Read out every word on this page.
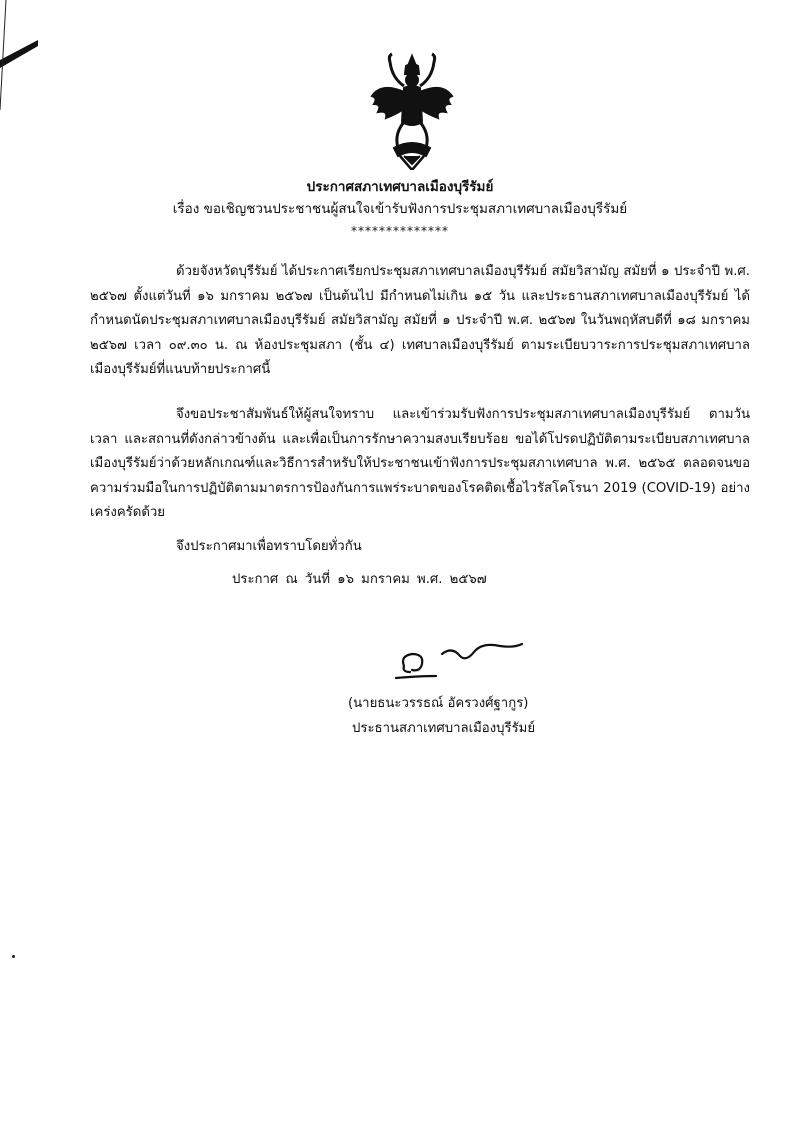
ประกาศสภาเทศบาลเมืองบุรีรัมย์
เรื่อง ขอเชิญชวนประชาชนผู้สนใจเข้ารับฟังการประชุมสภาเทศบาลเมืองบุรีรัมย์
**************
ด้วยจังหวัดบุรีรัมย์ ได้ประกาศเรียกประชุมสภาเทศบาลเมืองบุรีรัมย์ สมัยวิสามัญ สมัยที่ ๑ ประจำปี พ.ศ. ๒๕๖๗ ตั้งแต่วันที่ ๑๖ มกราคม ๒๕๖๗ เป็นต้นไป มีกำหนดไม่เกิน ๑๕ วัน และประธานสภาเทศบาลเมืองบุรีรัมย์ ได้กำหนดนัดประชุมสภาเทศบาลเมืองบุรีรัมย์ สมัยวิสามัญ สมัยที่ ๑ ประจำปี พ.ศ. ๒๕๖๗ ในวันพฤหัสบดีที่ ๑๘ มกราคม ๒๕๖๗ เวลา ๐๙.๓๐ น. ณ ห้องประชุมสภา (ชั้น ๔) เทศบาลเมืองบุรีรัมย์ ตามระเบียบวาระการประชุมสภาเทศบาลเมืองบุรีรัมย์ที่แนบท้ายประกาศนี้
จึงขอประชาสัมพันธ์ให้ผู้สนใจทราบ และเข้าร่วมรับฟังการประชุมสภาเทศบาลเมืองบุรีรัมย์ ตามวัน เวลา และสถานที่ดังกล่าวข้างต้น และเพื่อเป็นการรักษาความสงบเรียบร้อย ขอได้โปรดปฏิบัติตามระเบียบสภาเทศบาลเมืองบุรีรัมย์ว่าด้วยหลักเกณฑ์และวิธีการสำหรับให้ประชาชนเข้าฟังการประชุมสภาเทศบาล พ.ศ. ๒๕๖๕ ตลอดจนขอความร่วมมือในการปฏิบัติตามมาตรการป้องกันการแพร่ระบาดของโรคติดเชื้อไวรัสโคโรนา 2019 (COVID-19) อย่างเคร่งครัดด้วย
จึงประกาศมาเพื่อทราบโดยทั่วกัน
ประกาศ ณ วันที่ ๑๖ มกราคม พ.ศ. ๒๕๖๗
(นายธนะวรรธณ์ อัครวงศ์ฐากูร)
ประธานสภาเทศบาลเมืองบุรีรัมย์
